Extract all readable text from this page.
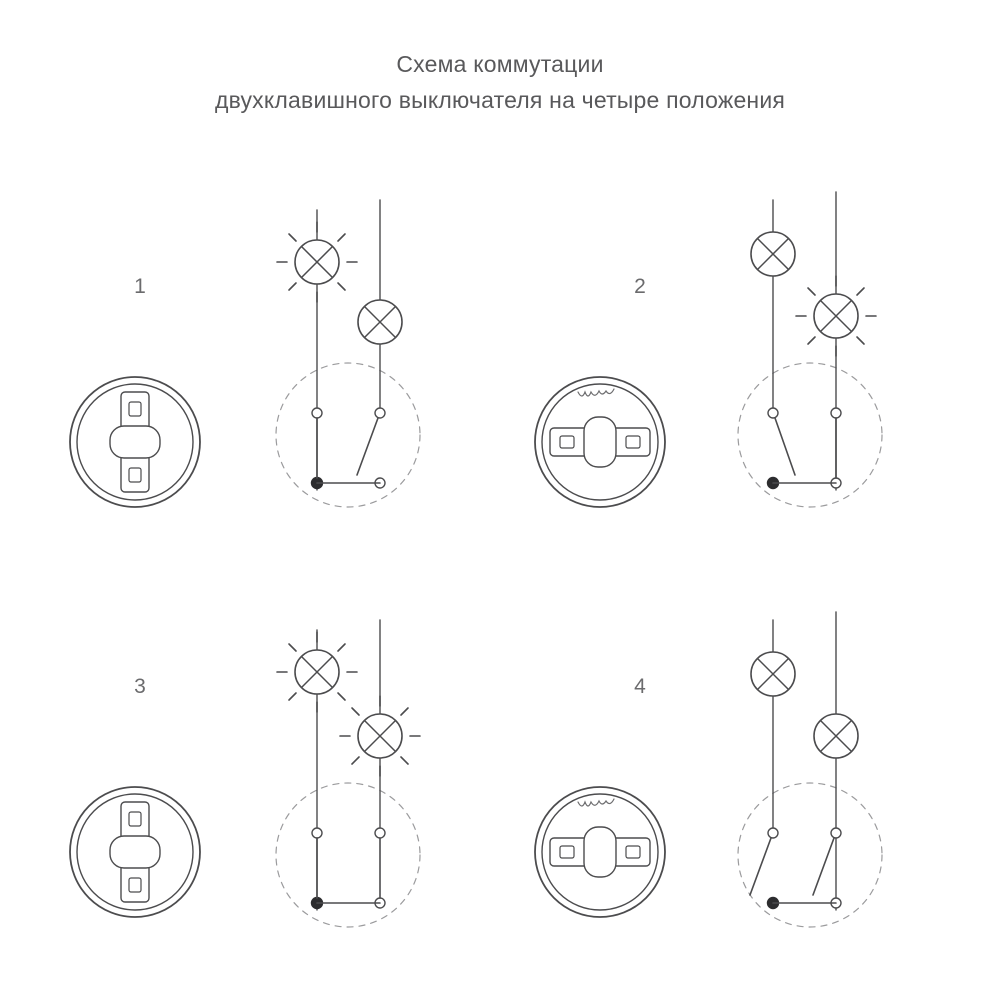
Схема коммутации
двухклавишного выключателя на четыре положения
1	2
3	4
